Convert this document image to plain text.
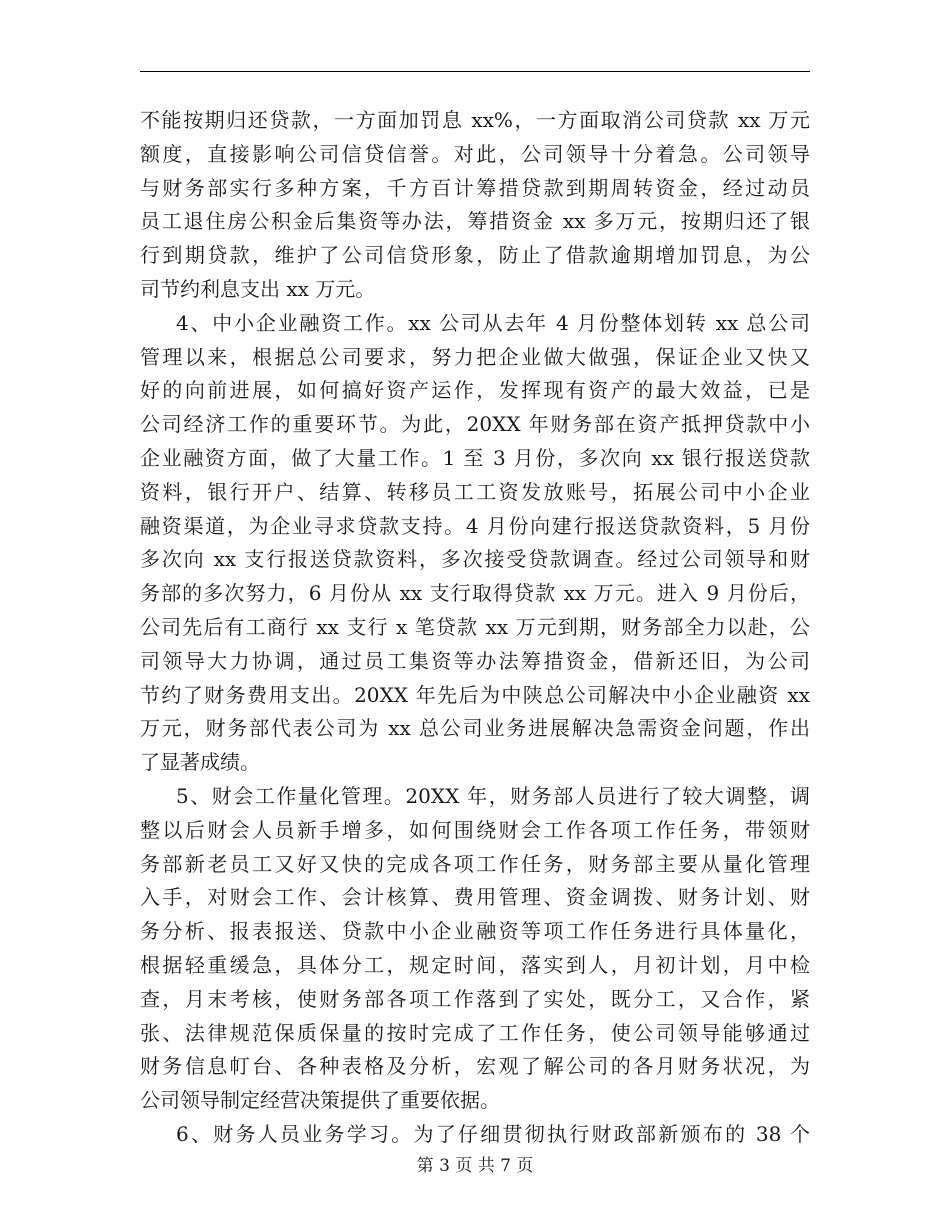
不能按期归还贷款，一方面加罚息 xx%，一方面取消公司贷款 xx 万元
额度，直接影响公司信贷信誉。对此，公司领导十分着急。公司领导
与财务部实行多种方案，千方百计筹措贷款到期周转资金，经过动员
员工退住房公积金后集资等办法，筹措资金 xx 多万元，按期归还了银
行到期贷款，维护了公司信贷形象，防止了借款逾期增加罚息，为公
司节约利息支出 xx 万元。
4、中小企业融资工作。xx 公司从去年 4 月份整体划转 xx 总公司
管理以来，根据总公司要求，努力把企业做大做强，保证企业又快又
好的向前进展，如何搞好资产运作，发挥现有资产的最大效益，已是
公司经济工作的重要环节。为此，20XX 年财务部在资产抵押贷款中小
企业融资方面，做了大量工作。1 至 3 月份，多次向 xx 银行报送贷款
资料，银行开户、结算、转移员工工资发放账号，拓展公司中小企业
融资渠道，为企业寻求贷款支持。4 月份向建行报送贷款资料，5 月份
多次向 xx 支行报送贷款资料，多次接受贷款调查。经过公司领导和财
务部的多次努力，6 月份从 xx 支行取得贷款 xx 万元。进入 9 月份后，
公司先后有工商行 xx 支行 x 笔贷款 xx 万元到期，财务部全力以赴，公
司领导大力协调，通过员工集资等办法筹措资金，借新还旧，为公司
节约了财务费用支出。20XX 年先后为中陕总公司解决中小企业融资 xx
万元，财务部代表公司为 xx 总公司业务进展解决急需资金问题，作出
了显著成绩。
5、财会工作量化管理。20XX 年，财务部人员进行了较大调整，调
整以后财会人员新手增多，如何围绕财会工作各项工作任务，带领财
务部新老员工又好又快的完成各项工作任务，财务部主要从量化管理
入手，对财会工作、会计核算、费用管理、资金调拨、财务计划、财
务分析、报表报送、贷款中小企业融资等项工作任务进行具体量化，
根据轻重缓急，具体分工，规定时间，落实到人，月初计划，月中检
查，月末考核，使财务部各项工作落到了实处，既分工，又合作，紧
张、法律规范保质保量的按时完成了工作任务，使公司领导能够通过
财务信息帄台、各种表格及分析，宏观了解公司的各月财务状况，为
公司领导制定经营决策提供了重要依据。
6、财务人员业务学习。为了仔细贯彻执行财政部新颁布的 38 个
第 3 页 共 7 页
